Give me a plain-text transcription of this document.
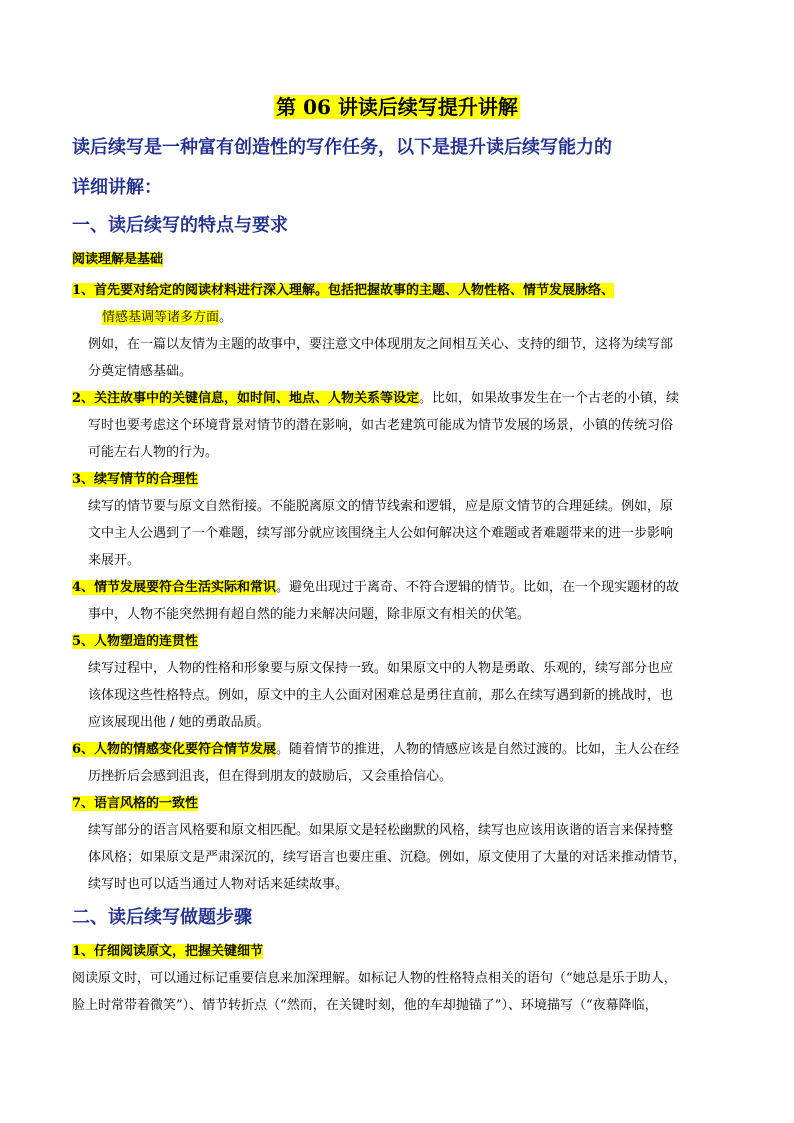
第 06 讲读后续写提升讲解
读后续写是一种富有创造性的写作任务，以下是提升读后续写能力的
详细讲解：
一、读后续写的特点与要求
阅读理解是基础
1、首先要对给定的阅读材料进行深入理解。包括把握故事的主题、人物性格、情节发展脉络、
情感基调等诸多方面。
例如，在一篇以友情为主题的故事中，要注意文中体现朋友之间相互关心、支持的细节，这将为续写部
分奠定情感基础。
2、关注故事中的关键信息，如时间、地点、人物关系等设定。比如，如果故事发生在一个古老的小镇，续
写时也要考虑这个环境背景对情节的潜在影响，如古老建筑可能成为情节发展的场景，小镇的传统习俗
可能左右人物的行为。
3、续写情节的合理性
续写的情节要与原文自然衔接。不能脱离原文的情节线索和逻辑，应是原文情节的合理延续。例如，原
文中主人公遇到了一个难题，续写部分就应该围绕主人公如何解决这个难题或者难题带来的进一步影响
来展开。
4、情节发展要符合生活实际和常识。避免出现过于离奇、不符合逻辑的情节。比如，在一个现实题材的故
事中，人物不能突然拥有超自然的能力来解决问题，除非原文有相关的伏笔。
5、人物塑造的连贯性
续写过程中，人物的性格和形象要与原文保持一致。如果原文中的人物是勇敢、乐观的，续写部分也应
该体现这些性格特点。例如，原文中的主人公面对困难总是勇往直前，那么在续写遇到新的挑战时，也
应该展现出他 / 她的勇敢品质。
6、人物的情感变化要符合情节发展。随着情节的推进，人物的情感应该是自然过渡的。比如，主人公在经
历挫折后会感到沮丧，但在得到朋友的鼓励后，又会重拾信心。
7、语言风格的一致性
续写部分的语言风格要和原文相匹配。如果原文是轻松幽默的风格，续写也应该用诙谐的语言来保持整
体风格；如果原文是严肃深沉的，续写语言也要庄重、沉稳。例如，原文使用了大量的对话来推动情节，
续写时也可以适当通过人物对话来延续故事。
二、读后续写做题步骤
1、仔细阅读原文，把握关键细节
阅读原文时，可以通过标记重要信息来加深理解。如标记人物的性格特点相关的语句（“她总是乐于助人，
脸上时常带着微笑”）、情节转折点（“然而，在关键时刻，他的车却抛锚了”）、环境描写（“夜幕降临，
